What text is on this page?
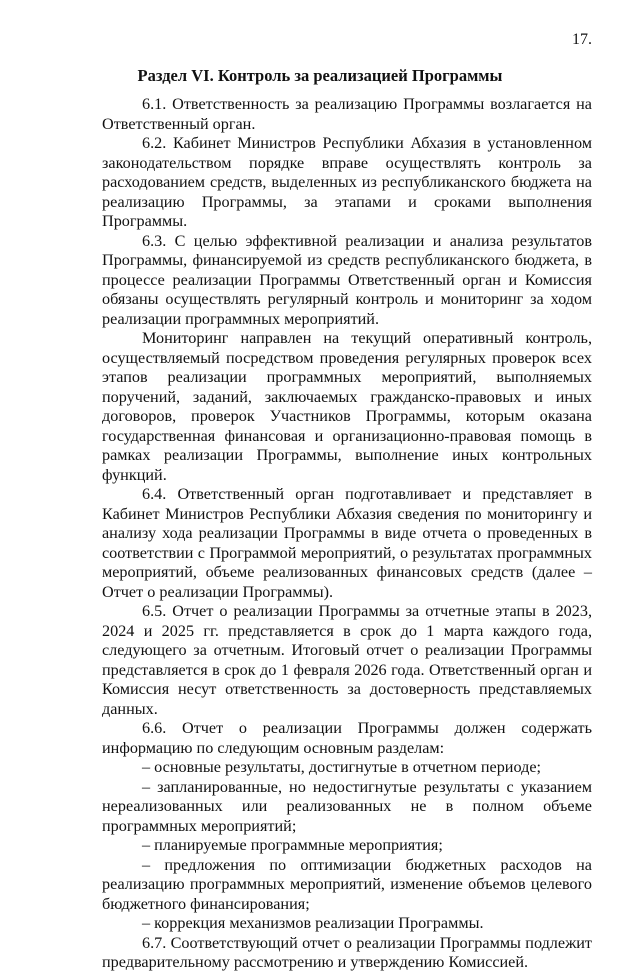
17.
Раздел VI. Контроль за реализацией Программы

6.1. Ответственность за реализацию Программы возлагается на Ответственный орган.

6.2. Кабинет Министров Республики Абхазия в установленном законодательством порядке вправе осуществлять контроль за расходованием средств, выделенных из республиканского бюджета на реализацию Программы, за этапами и сроками выполнения Программы.

6.3. С целью эффективной реализации и анализа результатов Программы, финансируемой из средств республиканского бюджета, в процессе реализации Программы Ответственный орган и Комиссия обязаны осуществлять регулярный контроль и мониторинг за ходом реализации программных мероприятий.

Мониторинг направлен на текущий оперативный контроль, осуществляемый посредством проведения регулярных проверок всех этапов реализации программных мероприятий, выполняемых поручений, заданий, заключаемых гражданско-правовых и иных договоров, проверок Участников Программы, которым оказана государственная финансовая и организационно-правовая помощь в рамках реализации Программы, выполнение иных контрольных функций.

6.4. Ответственный орган подготавливает и представляет в Кабинет Министров Республики Абхазия сведения по мониторингу и анализу хода реализации Программы в виде отчета о проведенных в соответствии с Программой мероприятий, о результатах программных мероприятий, объеме реализованных финансовых средств (далее – Отчет о реализации Программы).

6.5. Отчет о реализации Программы за отчетные этапы в 2023, 2024 и 2025 гг. представляется в срок до 1 марта каждого года, следующего за отчетным. Итоговый отчет о реализации Программы представляется в срок до 1 февраля 2026 года. Ответственный орган и Комиссия несут ответственность за достоверность представляемых данных.

6.6. Отчет о реализации Программы должен содержать информацию по следующим основным разделам:

– основные результаты, достигнутые в отчетном периоде;

– запланированные, но недостигнутые результаты с указанием нереализованных или реализованных не в полном объеме программных мероприятий;

– планируемые программные мероприятия;

– предложения по оптимизации бюджетных расходов на реализацию программных мероприятий, изменение объемов целевого бюджетного финансирования;

– коррекция механизмов реализации Программы.

6.7. Соответствующий отчет о реализации Программы подлежит предварительному рассмотрению и утверждению Комиссией.
